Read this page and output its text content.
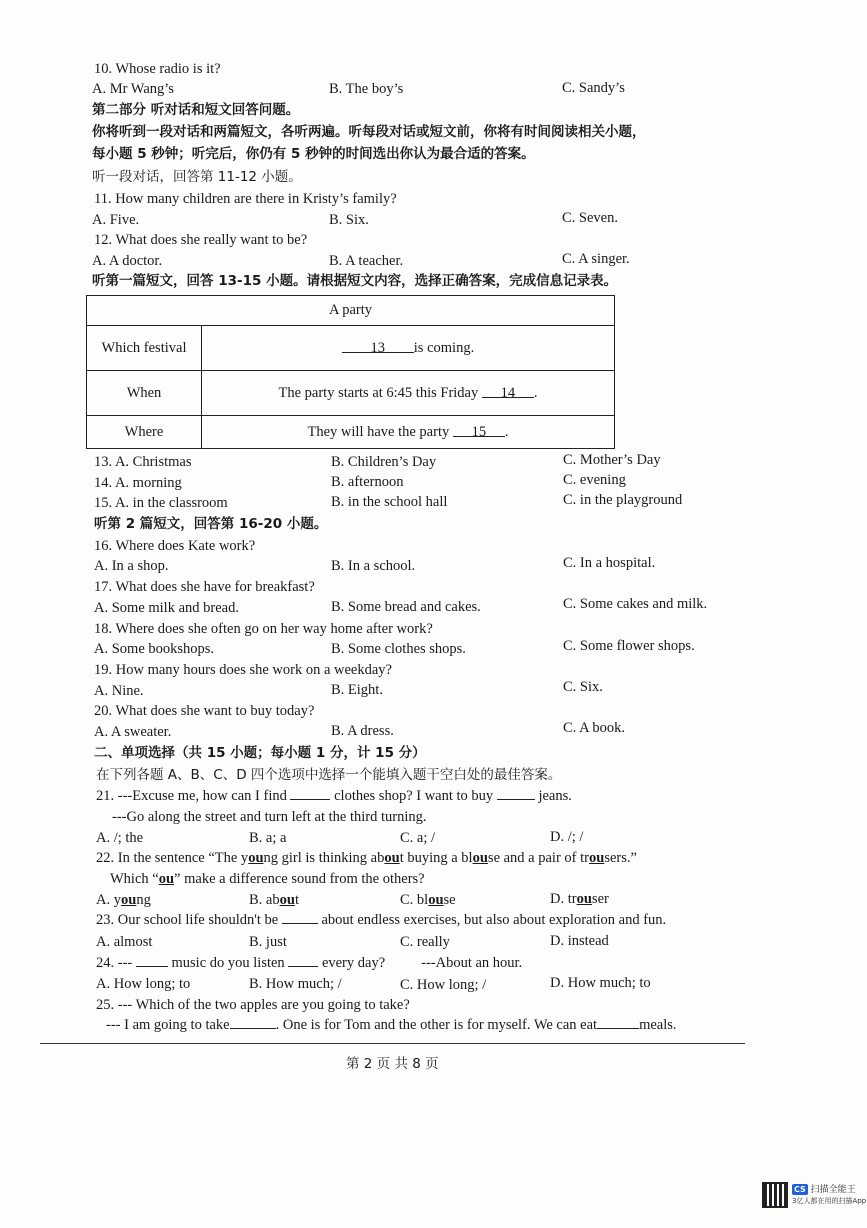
10. Whose radio is it?
A. Mr Wang’s	B. The boy’s	C. Sandy’s
第二部分 听对话和短文回答问题。
你将听到一段对话和两篇短文，各听两遍。听每段对话或短文前，你将有时间阅读相关小题，
每小题 5 秒钟；听完后，你仍有 5 秒钟的时间选出你认为最合适的答案。
听一段对话，回答第 11-12 小题。
11. How many children are there in Kristy’s family?
A. Five.	B. Six.	C. Seven.
12. What does she really want to be?
A. A doctor.	B. A teacher.	C. A singer.
听第一篇短文，回答 13-15 小题。请根据短文内容，选择正确答案，完成信息记录表。
A party	
Which festival	13 is coming.
When	The party starts at 6:45 this Friday 14 .
Where	They will have the party 15 .
13. A. Christmas	B. Children’s Day	C. Mother’s Day
14. A. morning	B. afternoon	C. evening
15. A. in the classroom	B. in the school hall	C. in the playground
听第 2 篇短文，回答第 16-20 小题。
16. Where does Kate work?
A. In a shop.	B. In a school.	C. In a hospital.
17. What does she have for breakfast?
A. Some milk and bread.	B. Some bread and cakes.	C. Some cakes and milk.
18. Where does she often go on her way home after work?
A. Some bookshops.	B. Some clothes shops.	C. Some flower shops.
19. How many hours does she work on a weekday?
A. Nine.	B. Eight.	C. Six.
20. What does she want to buy today?
A. A sweater.	B. A dress.	C. A book.
二、单项选择（共 15 小题；每小题 1 分，计 15 分）
在下列各题 A、B、C、D 四个选项中选择一个能填入题干空白处的最佳答案。
21. ---Excuse me, how can I find	clothes shop? I want to buy	jeans.
---Go along the street and turn left at the third turning.
A. /; the	B. a; a	C. a; /	D. /; /
22. In the sentence “The young girl is thinking about buying a blouse and a pair of trousers.”
Which “ou” make a difference sound from the others?
A. young	B. about	C. blouse	D. trouser
23. Our school life shouldn't be  about endless exercises, but also about exploration and fun.
A. almost	B. just	C. really	D. instead
24. ---  music do you listen  every day? ---About an hour.
A. How long; to	B. How much; /	C. How long; /	D. How much; to
25. --- Which of the two apples are you going to take?
--- I am going to take	. One is for Tom and the other is for myself. We can eat	meals.
第 2 页 共 8 页
CS 扫描全能王
3亿人都在用的扫描App
